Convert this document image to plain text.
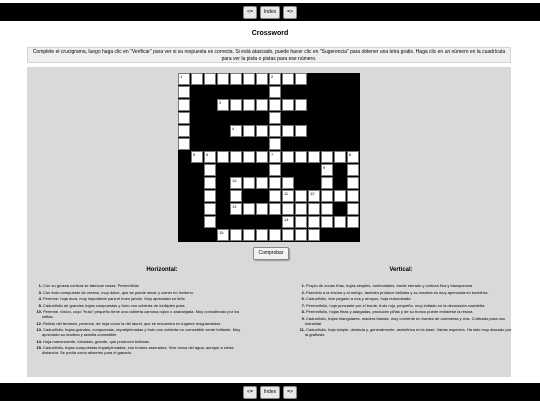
<=	Index	=>
Crossword
Complete el crucigrama, luego haga clic en "Verificar" para ver si su respuesta es correcta. Si está atascado, puede hacer clic en "Sugerencia" para obtener una letra gratis. Haga clic en un número en la cuadrícula para ver la pista o pistas para ese número.
1	2
3
4
5	6	7	8
9
10
11	12
13
14
15
Comprobar
Horizontal:	Vertical:
1.Con su gruesa corteza se fabrican cosas. Perennifolio
3.Con fruto compuesto de verano, muy dulce, que se puede secar y comer en invierno.
4.Perenne, hoja dura, muy importante para el buen jamón. Muy apreciada su leña
5.Caducifolio de grandes hojas compuestas y fruto con cubierta de múltiples púas
10.Perenne, tóxico, cuyo "fruto" pequeño tiene una cubierta carnosa rojizo o anaranjada. Muy considerado por los celtas.
12.Relicto del terciario, perenne, de hoja como la del laurel, que se encuentra en lugares resguardados
13.Caducifolio, hojas grandes, compuestas, imparipinnadas y fruto con cubierta no comestible verde brillante. Muy apreciado su madera y semilla comestible
14.Hoja marcescente, lobulada, grande, que producen bellotas.
15.Caducifolio, hojas compuestas imparipinnadas, con bordes aserrados. Vive cerca del agua, aunque a cierta distancia. Se podía como alimento para el ganado.
1.Propio de zonas frías, hojas simples, romboidales, borde serrado y corteza fina y blanquecina
2.Parecido a la encina y al melojo, también produce bellotas y su madera es muy apreciada en tonelería.
6.Caducifolio, vive pegado a ríos y arroyos, hoja redondeada
7.Perennifolio, hoja punzante por el borde, fruto rojo, pequeño, muy imitado en la decoración navideña
8.Perennifolio, hojas finas y alargadas, producen piñas y de su tronco puede extraerse la resina.
9.Caducifolio, hojas triangulares, madera blanda, muy corriente en bordes de carreteras y ríos. Cultivado para uso industrial.
11.Caducifolio, hoja simple, dentada y, generalmente, asimétrica en la base. Varias especies. Ha sido muy atacado por la grafiosis.
<=	Index	=>
